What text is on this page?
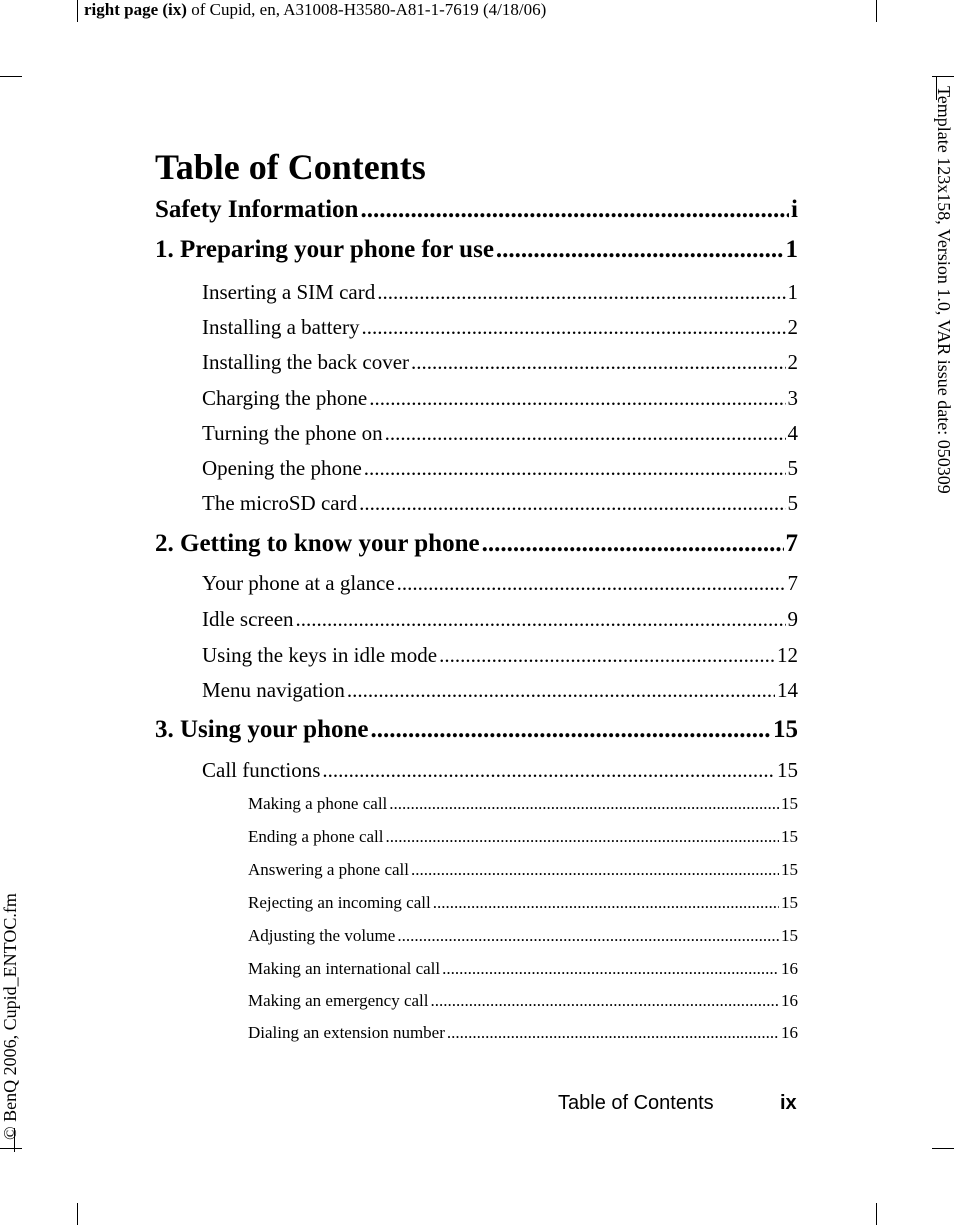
right page (ix) of Cupid, en, A31008-H3580-A81-1-7619 (4/18/06)
Template 123x158, Version 1.0, VAR issue date: 050309
© BenQ 2006, Cupid_ENTOC.fm
Table of Contents
Safety Information .....	i
1. Preparing your phone for use .....	1
Inserting a SIM card .....	1
Installing a battery .....	2
Installing the back cover .....	2
Charging the phone .....	3
Turning the phone on .....	4
Opening the phone .....	5
The microSD card .....	5
2. Getting to know your phone .....	7
Your phone at a glance .....	7
Idle screen .....	9
Using the keys in idle mode .....	12
Menu navigation .....	14
3. Using your phone .....	15
Call functions .....	15
Making a phone call .....	15
Ending a phone call .....	15
Answering a phone call .....	15
Rejecting an incoming call .....	15
Adjusting the volume .....	15
Making an international call .....	16
Making an emergency call .....	16
Dialing an extension number .....	16
Table of Contents	ix
